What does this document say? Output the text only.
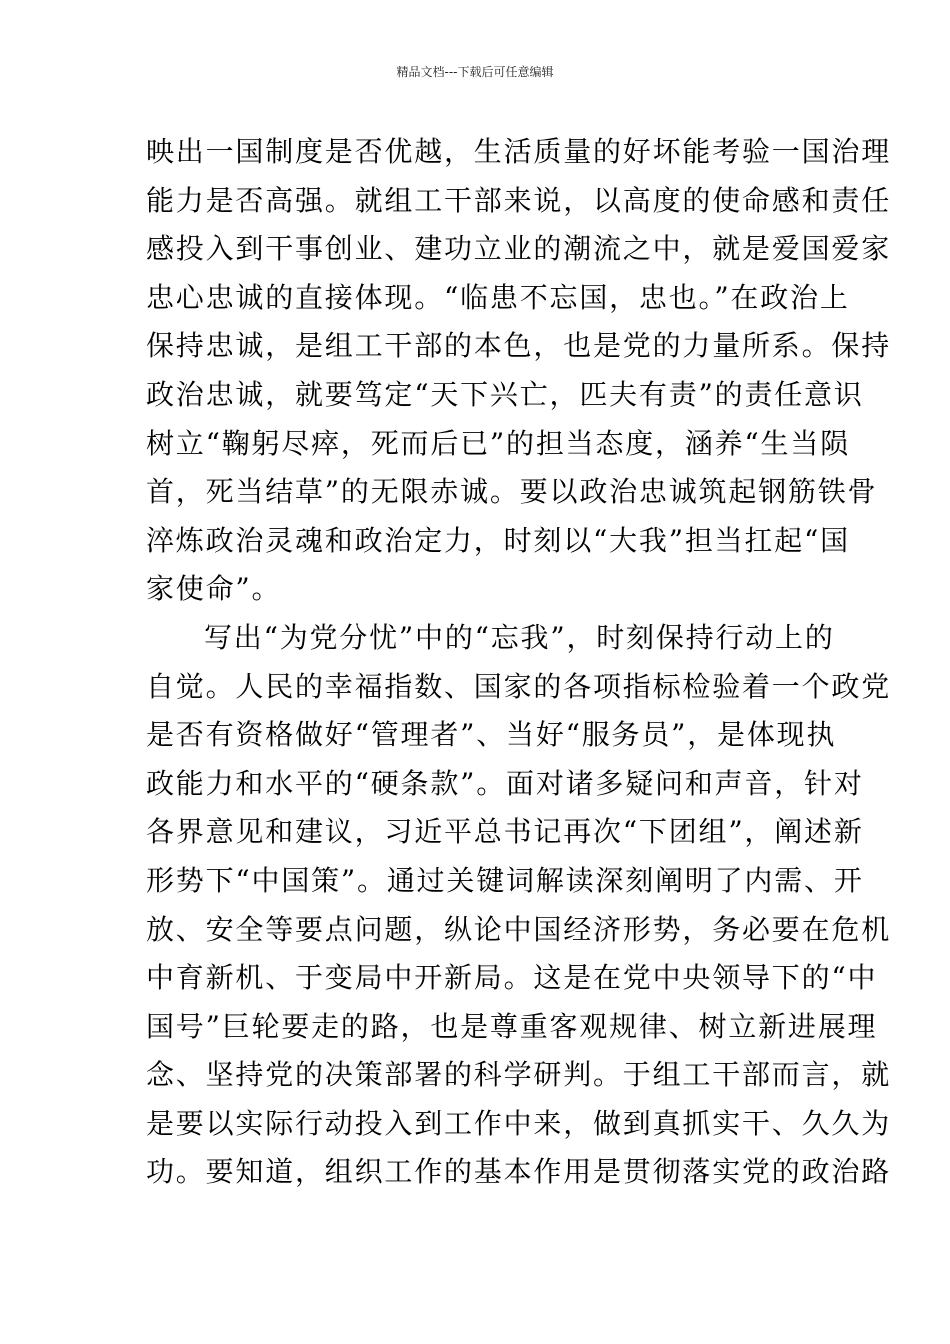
精品文档---下载后可任意编辑
映出一国制度是否优越，生活质量的好坏能考验一国治理
能力是否高强。就组工干部来说，以高度的使命感和责任
感投入到干事创业、建功立业的潮流之中，就是爱国爱家
忠心忠诚的直接体现。“临患不忘国，忠也。”在政治上
保持忠诚，是组工干部的本色，也是党的力量所系。保持
政治忠诚，就要笃定“天下兴亡，匹夫有责”的责任意识
树立“鞠躬尽瘁，死而后已”的担当态度，涵养“生当陨
首，死当结草”的无限赤诚。要以政治忠诚筑起钢筋铁骨
淬炼政治灵魂和政治定力，时刻以“大我”担当扛起“国
家使命”。
写出“为党分忧”中的“忘我”，时刻保持行动上的
自觉。人民的幸福指数、国家的各项指标检验着一个政党
是否有资格做好“管理者”、当好“服务员”，是体现执
政能力和水平的“硬条款”。面对诸多疑问和声音，针对
各界意见和建议，习近平总书记再次“下团组”，阐述新
形势下“中国策”。通过关键词解读深刻阐明了内需、开
放、安全等要点问题，纵论中国经济形势，务必要在危机
中育新机、于变局中开新局。这是在党中央领导下的“中
国号”巨轮要走的路，也是尊重客观规律、树立新进展理
念、坚持党的决策部署的科学研判。于组工干部而言，就
是要以实际行动投入到工作中来，做到真抓实干、久久为
功。要知道，组织工作的基本作用是贯彻落实党的政治路
